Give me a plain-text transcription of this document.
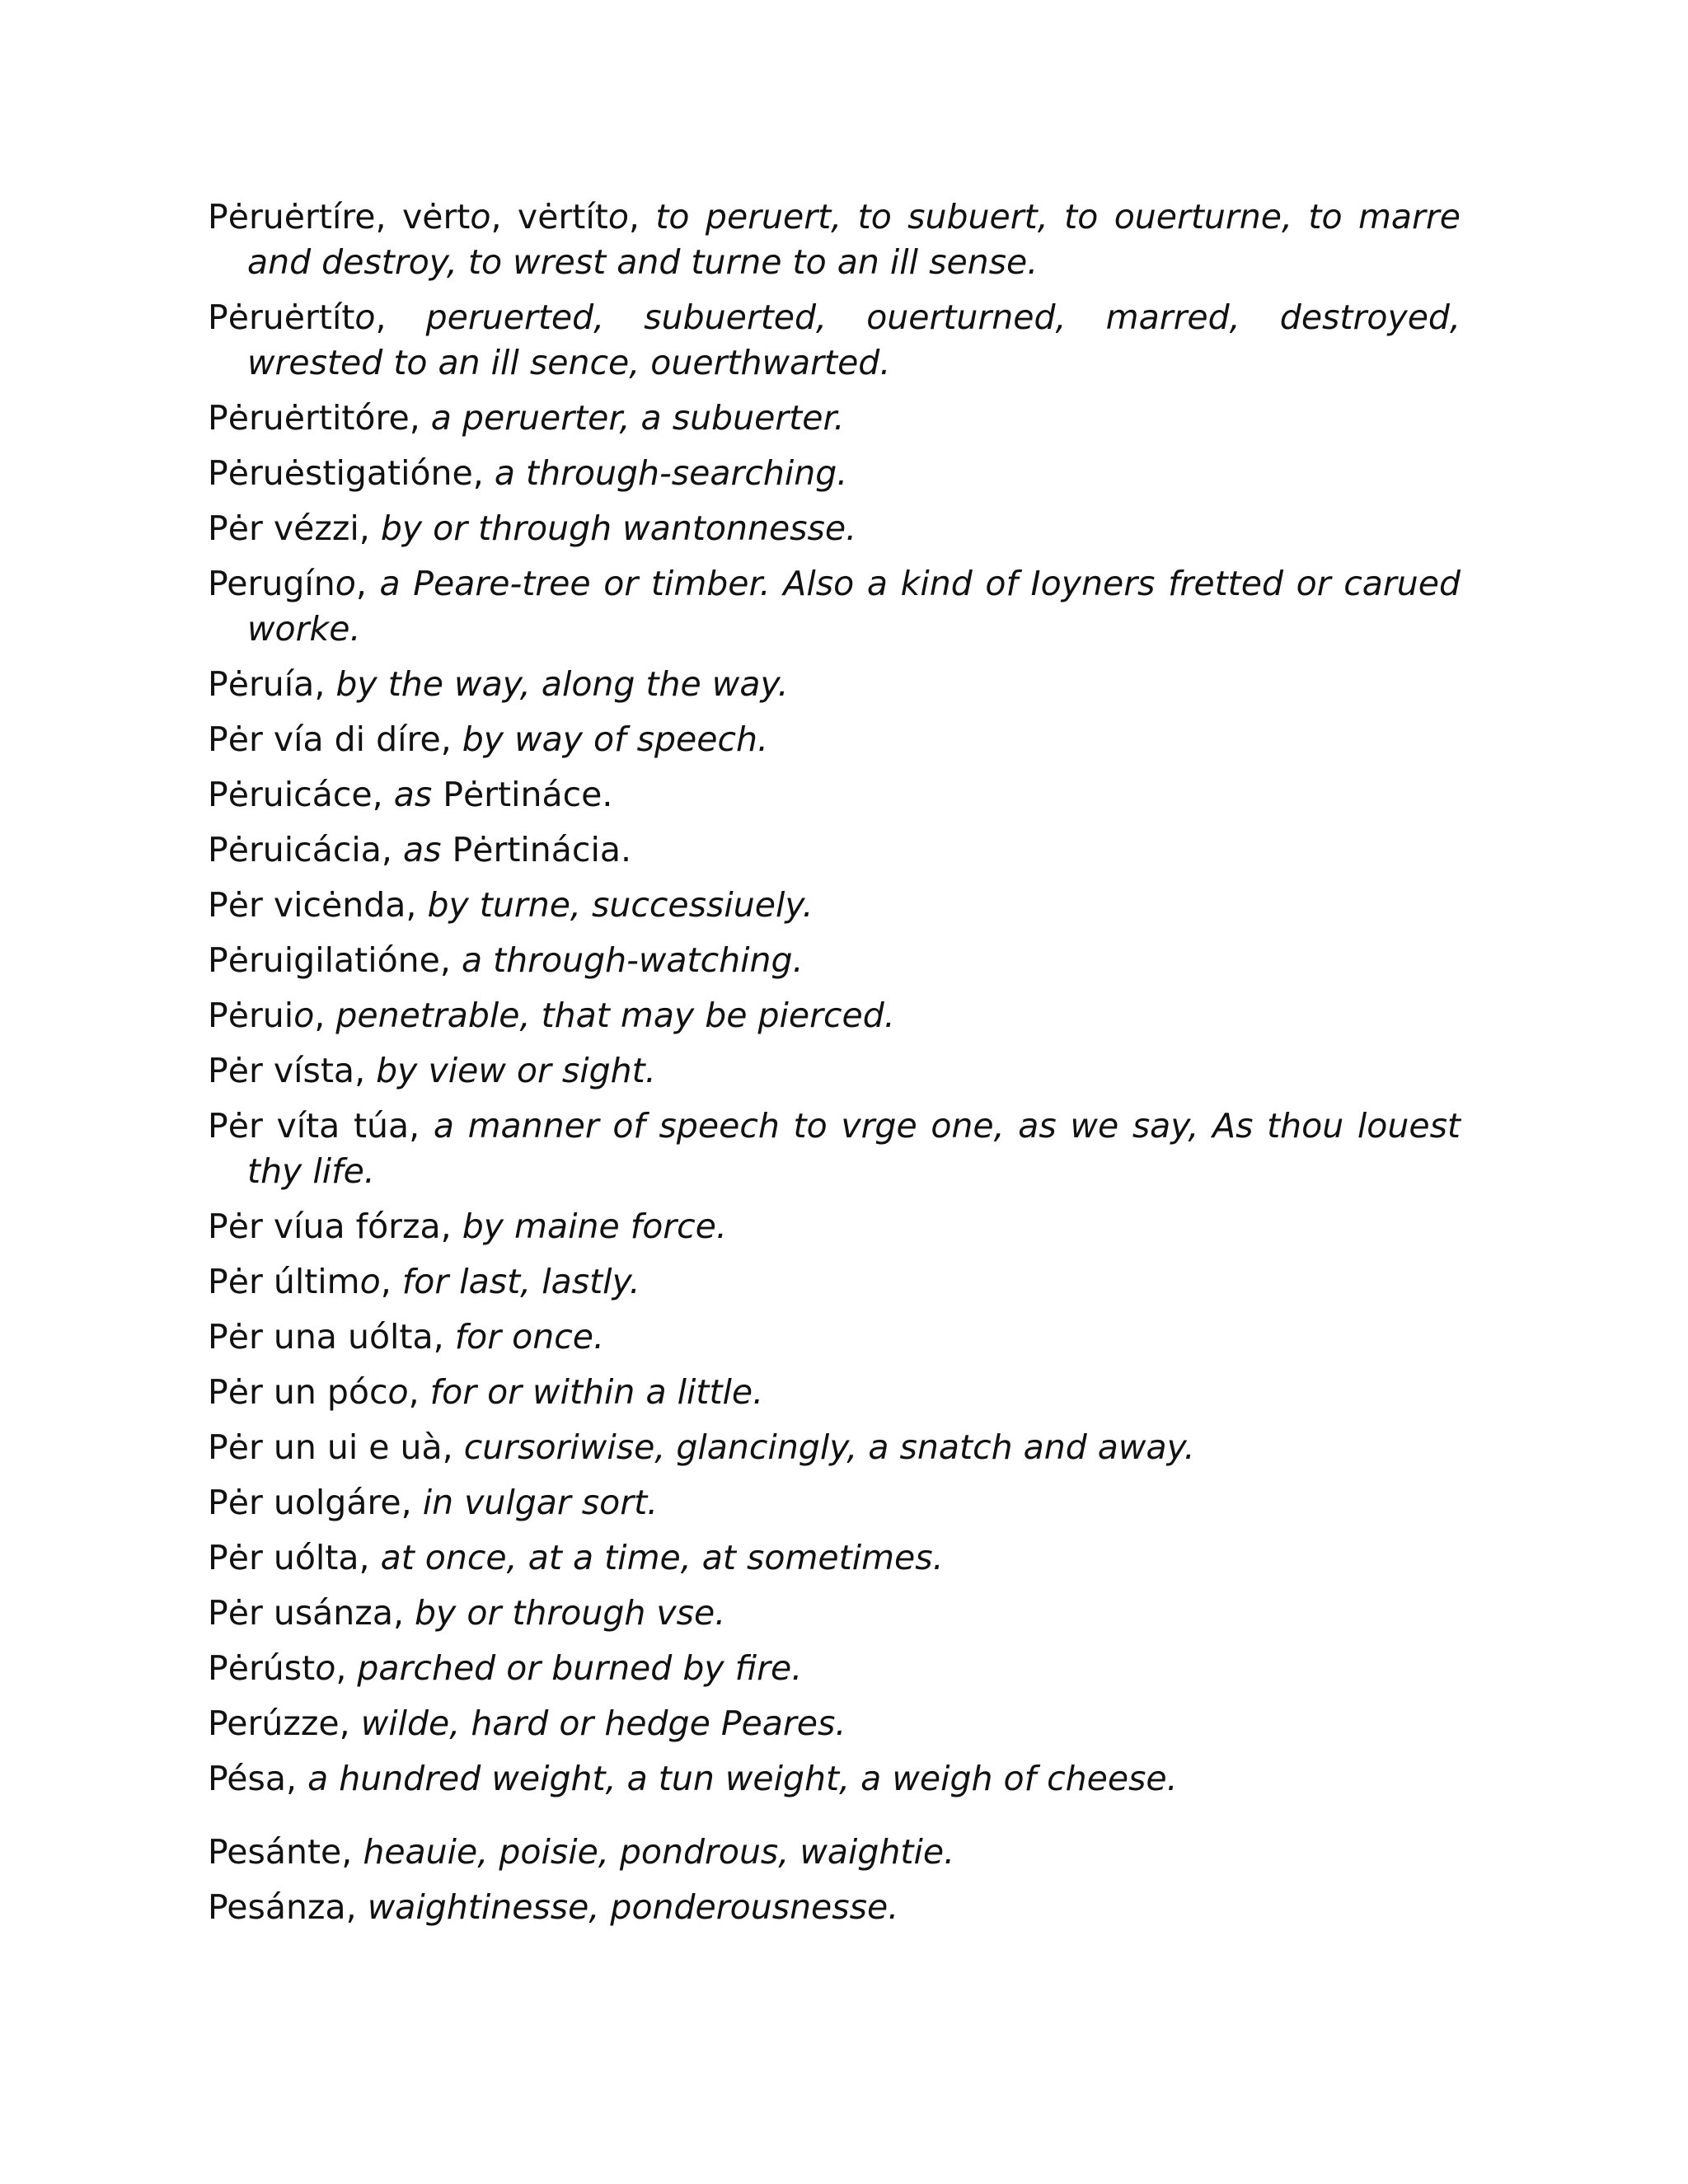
Pėruėrtíre, vėrto, vėrtíto, to peruert, to subuert, to ouerturne, to marre and destroy, to wrest and turne to an ill sense.

Pėruėrtíto, peruerted, subuerted, ouerturned, marred, destroyed, wrested to an ill sence, ouerthwarted.

Pėruėrtitóre, a peruerter, a subuerter.

Pėruėstigatióne, a through-searching.

Pėr vézzi, by or through wantonnesse.

Perugíno, a Peare-tree or timber. Also a kind of Ioyners fretted or carued worke.

Pėruía, by the way, along the way.

Pėr vía di díre, by way of speech.

Pėruicáce, as Pėrtináce.

Pėruicácia, as Pėrtinácia.

Pėr vicėnda, by turne, successiuely.

Pėruigilatióne, a through-watching.

Pėruio, penetrable, that may be pierced.

Pėr vísta, by view or sight.

Pėr víta túa, a manner of speech to vrge one, as we say, As thou louest thy life.

Pėr víua fórza, by maine force.

Pėr último, for last, lastly.

Pėr una uólta, for once.

Pėr un póco, for or within a little.

Pėr un ui e uà, cursoriwise, glancingly, a snatch and away.

Pėr uolgáre, in vulgar sort.

Pėr uólta, at once, at a time, at sometimes.

Pėr usánza, by or through vse.

Pėrústo, parched or burned by fire.

Perúzze, wilde, hard or hedge Peares.

Pésa, a hundred weight, a tun weight, a weigh of cheese.

Pesánte, heauie, poisie, pondrous, waightie.

Pesánza, waightinesse, ponderousnesse.
